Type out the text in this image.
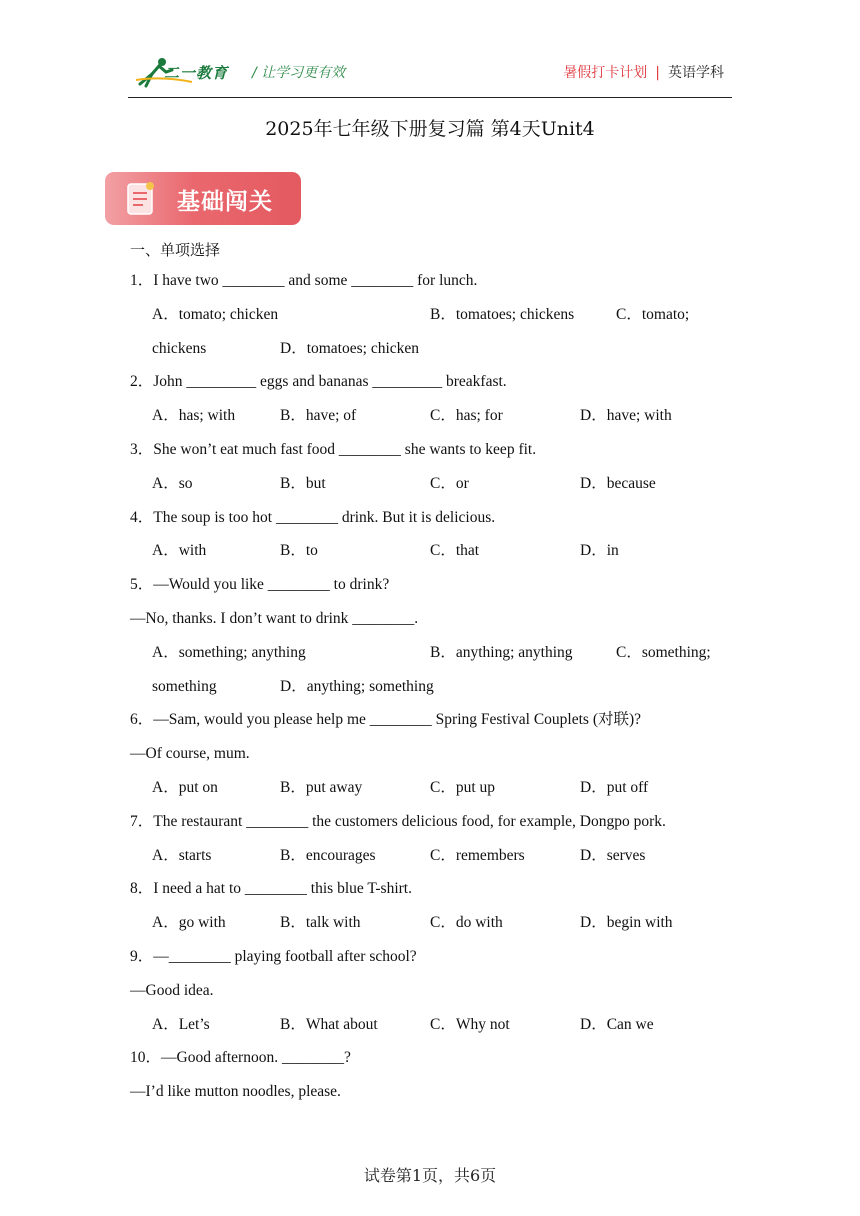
二一教育 / 让学习更有效	暑假打卡计划 | 英语学科
2025年七年级下册复习篇 第4天Unit4
基础闯关
一、单项选择
1．I have two ________ and some ________ for lunch.
A．tomato; chicken	B．tomatoes; chickens	C．tomato;
chickens	D．tomatoes; chicken
2．John _________ eggs and bananas _________ breakfast.
A．has; with	B．have; of	C．has; for	D．have; with
3．She won’t eat much fast food ________ she wants to keep fit.
A．so	B．but	C．or	D．because
4．The soup is too hot ________ drink. But it is delicious.
A．with	B．to	C．that	D．in
5．—Would you like ________ to drink?
—No, thanks. I don’t want to drink ________.
A．something; anything	B．anything; anything	C．something;
something	D．anything; something
6．—Sam, would you please help me ________ Spring Festival Couplets (对联)?
—Of course, mum.
A．put on	B．put away	C．put up	D．put off
7．The restaurant ________ the customers delicious food, for example, Dongpo pork.
A．starts	B．encourages	C．remembers	D．serves
8．I need a hat to ________ this blue T-shirt.
A．go with	B．talk with	C．do with	D．begin with
9．—________ playing football after school?
—Good idea.
A．Let’s	B．What about	C．Why not	D．Can we
10．—Good afternoon. ________?
—I’d like mutton noodles, please.
试卷第1页，共6页
